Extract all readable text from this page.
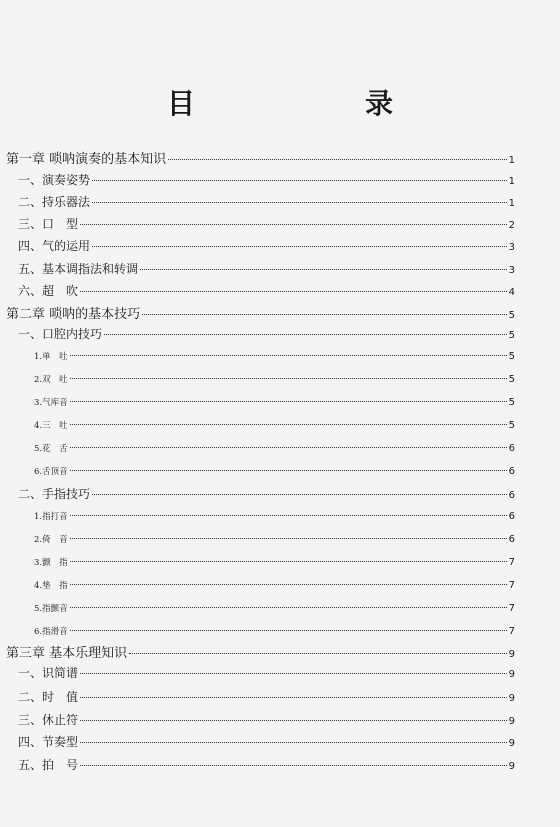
目　　录
第一章 唢呐演奏的基本知识	1
一、演奏姿势	1
二、持乐器法	1
三、口　型	2
四、气的运用	3
五、基本调指法和转调	3
六、超　吹	4
第二章 唢呐的基本技巧	5
一、口腔内技巧	5
1.单　吐	5
2.双　吐	5
3.气库音	5
4.三　吐	5
5.花　舌	6
6.舌顶音	6
二、手指技巧	6
1.指打音	6
2.倚　音	6
3.颤　指	7
4.垫　指	7
5.指颤音	7
6.指滑音	7
第三章 基本乐理知识	9
一、识简谱	9
二、时　值	9
三、休止符	9
四、节奏型	9
五、拍　号	9
